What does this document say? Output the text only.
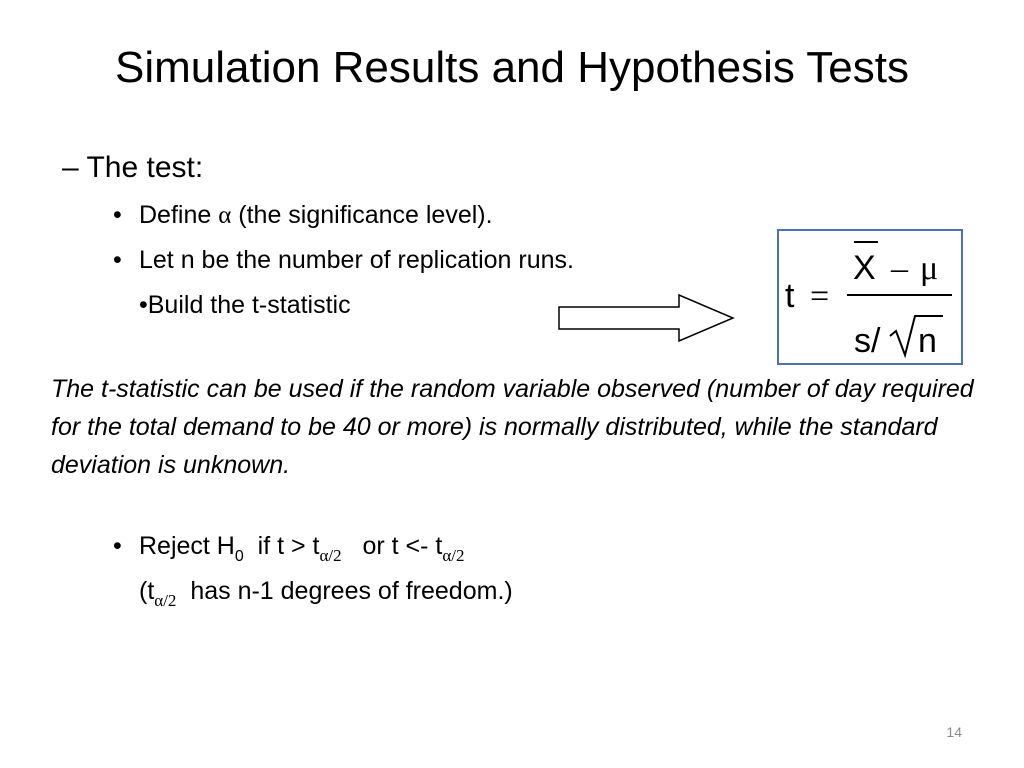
Simulation Results and Hypothesis Tests
– The test:
• Define α (the significance level).
• Let n be the number of replication runs.
•Build the t-statistic	t =
X – μ
s/ n
The t-statistic can be used if the random variable observed (number of day required for the total demand to be 40 or more) is normally distributed, while the standard deviation is unknown.
• Reject $H_0$  if $t > t_{\alpha/2}$   or $t <- t_{\alpha/2}$
($t_{\alpha/2}$  has n-1 degrees of freedom.)
14
